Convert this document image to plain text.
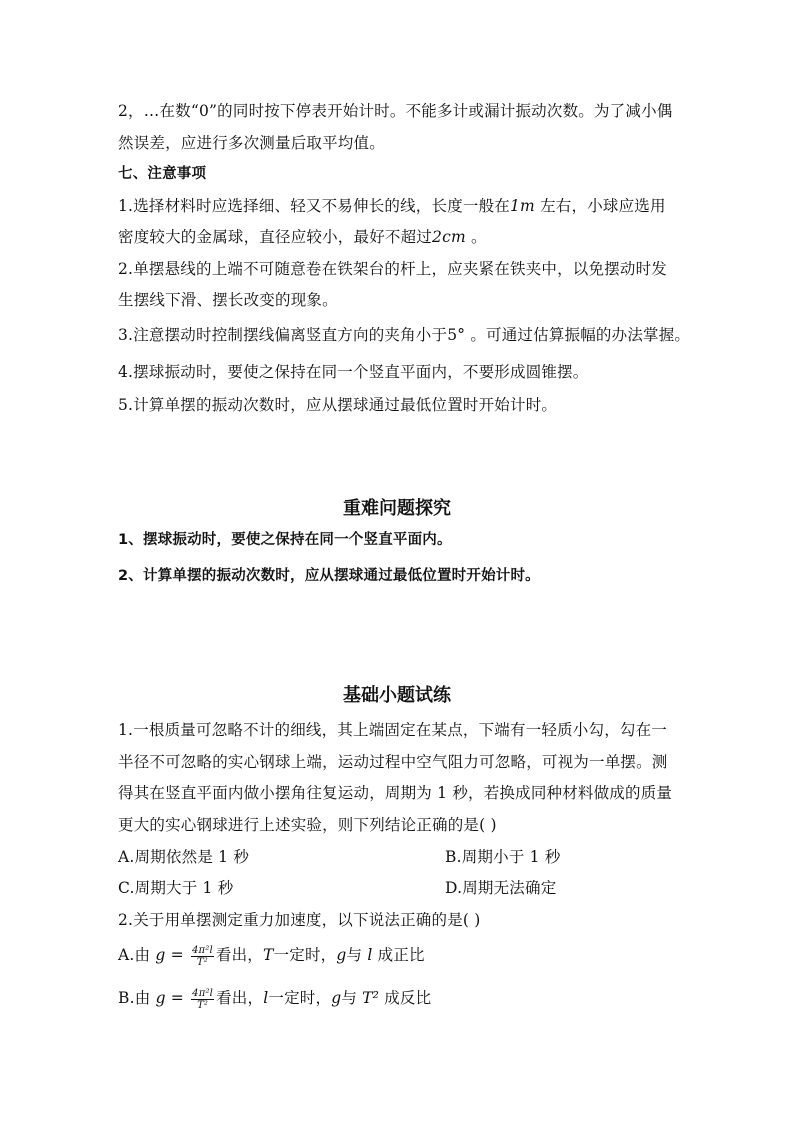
2，…在数“0”的同时按下停表开始计时。不能多计或漏计振动次数。为了减小偶
然误差，应进行多次测量后取平均值。
七、注意事项
1.选择材料时应选择细、轻又不易伸长的线，长度一般在1m 左右，小球应选用
密度较大的金属球，直径应较小，最好不超过2cm 。
2.单摆悬线的上端不可随意卷在铁架台的杆上，应夹紧在铁夹中，以免摆动时发
生摆线下滑、摆长改变的现象。
3.注意摆动时控制摆线偏离竖直方向的夹角小于5° 。可通过估算振幅的办法掌握。
4.摆球振动时，要使之保持在同一个竖直平面内，不要形成圆锥摆。
5.计算单摆的振动次数时，应从摆球通过最低位置时开始计时。
重难问题探究
1、摆球振动时，要使之保持在同一个竖直平面内。
2、计算单摆的振动次数时，应从摆球通过最低位置时开始计时。
基础小题试练
1.一根质量可忽略不计的细线，其上端固定在某点，下端有一轻质小勾，勾在一
半径不可忽略的实心钢球上端，运动过程中空气阻力可忽略，可视为一单摆。测
得其在竖直平面内做小摆角往复运动，周期为 1 秒，若换成同种材料做成的质量
更大的实心钢球进行上述实验，则下列结论正确的是( )
A.周期依然是 1 秒	B.周期小于 1 秒
C.周期大于 1 秒	D.周期无法确定
2.关于用单摆测定重力加速度，以下说法正确的是( )
A.由 $g = \frac{\text{4π²l}}{\text{T²}}$ 看出，T一定时，g与 l 成正比
B.由 $g = \frac{\text{4π²l}}{\text{T²}}$ 看出，l一定时，g与 T² 成反比
